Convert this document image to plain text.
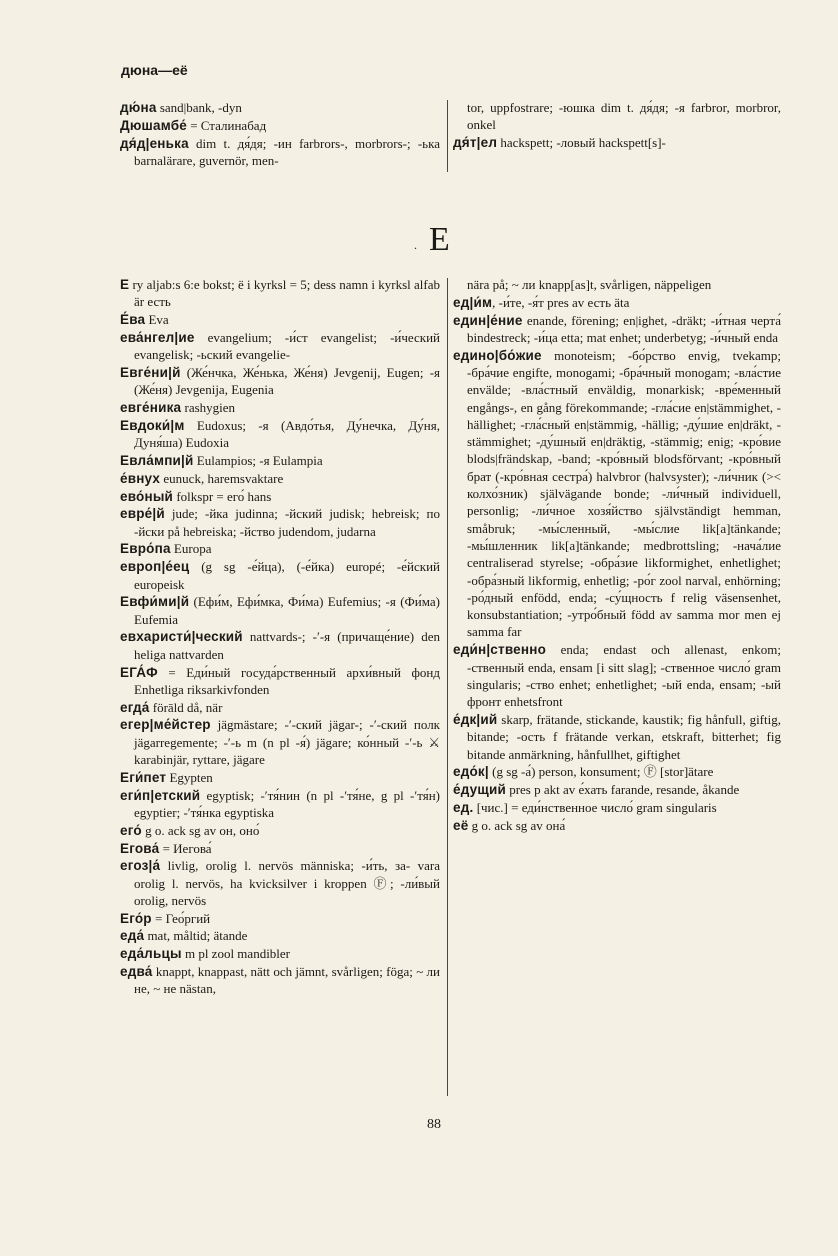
дюна—её
дю́на sand|bank, -dyn
Дюшамбе́ = Сталинабад
дя́д|енька dim t. дя́дя; -ин farbrors-, morbrors-; -ька barnalärare, guvernör, men-
tor, uppfostrare; -юшка dim t. дя́дя; -я farbror, morbror, onkel
дя́т|ел hackspett; -ловый hackspett[s]-
. E
Е ry aljab:s 6:e bokst; ё i kyrksl = 5; dess namn i kyrksl alfab är есть
Е́ва Eva
ева́нгел|ие evangelium; -и́ст evangelist; -и́ческий evangelisk; -ьский evangelie-
Евге́ни|й (Же́нчка, Же́нька, Же́ня) Jevgenij, Eugen; -я (Же́ня) Jevgenija, Eugenia
евге́ника rashygien
Евдоки́|м Eudoxus; -я (Авдо́тья, Ду́нечка, Ду́ня, Дуня́ша) Eudoxia
Евла́мпи|й Eulampios; -я Eulampia
е́внух eunuck, haremsvaktare
ево́ный folkspr = его́ hans
евре́|й jude; -йка judinna; -йский judisk; hebreisk; по -йски på hebreiska; -йство judendom, judarna
Евро́па Europa
европ|е́ец (g sg -е́йца), (-е́йка) europé; -е́йский europeisk
Евфи́ми|й (Ефи́м, Ефи́мка, Фи́ма) Eufemius; -я (Фи́ма) Eufemia
евхаристи́|ческий nattvards-; -ʹ-я (причаще́ние) den heliga nattvarden
ЕГА́Ф = Еди́ный госуда́рственный архи́вный фонд Enhetliga riksarkivfonden
егда́ förāld då, när
егер|ме́йстер jägmästare; -ʹ-ский jägar-; -ʹ-ский полк jägarregemente; -ʹ-ь m (n pl -я́) jägare; ко́нный -ʹ-ь ⚔ karabinjär, ryttare, jägare
Еги́пет Egypten
еги́п|етский egyptisk; -ʹтя́нин (n pl -ʹтя́не, g pl -ʹтя́н) egyptier; -ʹтя́нка egyptiska
его́ g o. ack sg av он, оно́
Егова́ = Иегова́
егоз|а́ livlig, orolig l. nervös människa; -и́ть, за- vara orolig l. nervös, ha kvicksilver i kroppen Ⓕ; -ли́вый orolig, nervös
Его́р = Гео́ргий
еда́ mat, måltid; ätande
еда́льцы m pl zool mandibler
едва́ knappt, knappast, nätt och jämnt, svårligen; föga; ~ ли не, ~ не nästan,
nära på; ~ ли knapp[as]t, svårligen, näppeligen
ед|и́м, -и́те, -я́т pres av есть äta
един|е́ние enande, förening; en|ighet, -dräkt; -и́тная черта́ bindestreck; -и́ца etta; mat enhet; underbetyg; -и́чный enda
едино|бо́жие monoteism; -бо́рство envig, tvekamp; -бра́чие engifte, monogami; -бра́чный monogam; -вла́стие envälde; -вла́стный enväldig, monarkisk; -вре́менный engångs-, en gång förekommande; -гла́сие en|stämmighet, -hällighet; -гла́сный en|stämmig, -hällig; -ду́шие en|dräkt, -stämmighet; -ду́шный en|dräktig, -stämmig; enig; -кро́вие blods|frändskap, -band; -кро́вный blodsförvant; -кро́вный брат (-кро́вная сестра́) halvbror (halvsyster); -ли́чник (>< колхо́зник) självägande bonde; -ли́чный individuell, personlig; -ли́чное хозя́йство självständigt hemman, småbruk; -мы́сленный, -мы́слие lik[a]tänkande; -мы́шленник lik[a]tänkande; medbrottsling; -нача́лие centraliserad styrelse; -обра́зие likformighet, enhetlighet; -обра́зный likformig, enhetlig; -ро́г zool narval, enhörning; -ро́дный enfödd, enda; -су́щность f relig väsensenhet, konsubstantiation; -утро́бный född av samma mor men ej samma far
еди́н|ственно enda; endast och allenast, enkom; -ственный enda, ensam [i sitt slag]; -ственное число́ gram singularis; -ство enhet; enhetlighet; -ый enda, ensam; -ый фронт enhetsfront
е́дк|ий skarp, frätande, stickande, kaustik; fig hånfull, giftig, bitande; -ость f frätande verkan, etskraft, bitterhet; fig bitande anmärkning, hånfullhet, giftighet
едо́к| (g sg -а́) person, konsument; Ⓕ [stor]ätare
е́дущий pres p akt av е́хать farande, resande, åkande
ед. [чис.] = еди́нственное число́ gram singularis
её g o. ack sg av она́
88
